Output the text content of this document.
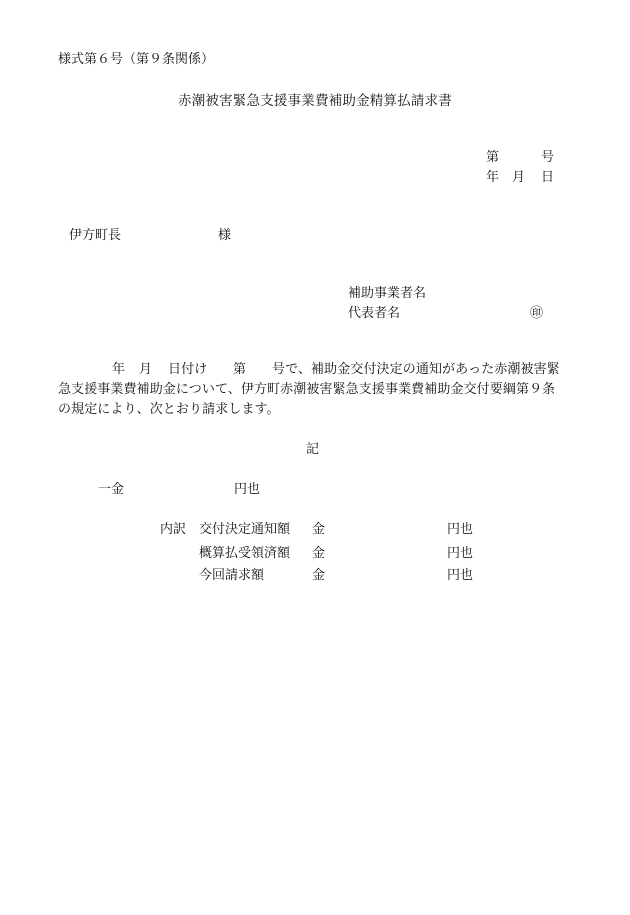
様式第６号（第９条関係）
赤潮被害緊急支援事業費補助金精算払請求書
第	号
年 月 日
伊方町長	様
補助事業者名
代表者名	㊞
年 月 日付け 第 号で、補助金交付決定の通知があった赤潮被害緊
急支援事業費補助金について、伊方町赤潮被害緊急支援事業費補助金交付要綱第９条
の規定により、次とおり請求します。
記
一金	円也
内訳 交付決定通知額 金	円也
概算払受領済額 金	円也
今回請求額	金	円也
